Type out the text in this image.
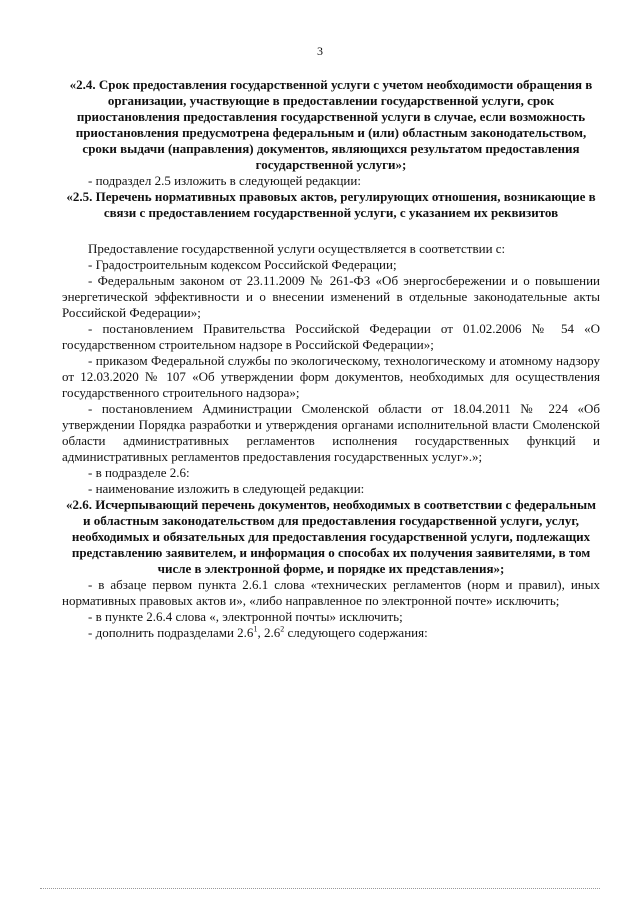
3

«2.4. Срок предоставления государственной услуги с учетом необходимости обращения в организации, участвующие в предоставлении государственной услуги, срок приостановления предоставления государственной услуги в случае, если возможность приостановления предусмотрена федеральным и (или) областным законодательством, сроки выдачи (направления) документов, являющихся результатом предоставления государственной услуги»;

- подраздел 2.5 изложить в следующей редакции:

«2.5. Перечень нормативных правовых актов, регулирующих отношения, возникающие в связи с предоставлением государственной услуги, с указанием их реквизитов

Предоставление государственной услуги осуществляется в соответствии с:

- Градостроительным кодексом Российской Федерации;

- Федеральным законом от 23.11.2009 № 261-ФЗ «Об энергосбережении и о повышении энергетической эффективности и о внесении изменений в отдельные законодательные акты Российской Федерации»;

- постановлением Правительства Российской Федерации от 01.02.2006 № 54 «О государственном строительном надзоре в Российской Федерации»;

- приказом Федеральной службы по экологическому, технологическому и атомному надзору от 12.03.2020 № 107 «Об утверждении форм документов, необходимых для осуществления государственного строительного надзора»;

- постановлением Администрации Смоленской области от 18.04.2011 № 224 «Об утверждении Порядка разработки и утверждения органами исполнительной власти Смоленской области административных регламентов исполнения государственных функций и административных регламентов предоставления государственных услуг».»;

- в подразделе 2.6:

- наименование изложить в следующей редакции:

«2.6. Исчерпывающий перечень документов, необходимых в соответствии с федеральным и областным законодательством для предоставления государственной услуги, услуг, необходимых и обязательных для предоставления государственной услуги, подлежащих представлению заявителем, и информация о способах их получения заявителями, в том числе в электронной форме, и порядке их представления»;

- в абзаце первом пункта 2.6.1 слова «технических регламентов (норм и правил), иных нормативных правовых актов и», «либо направленное по электронной почте» исключить;

- в пункте 2.6.4 слова «, электронной почты» исключить;

- дополнить подразделами $2.6^1$, $2.6^2$ следующего содержания:
